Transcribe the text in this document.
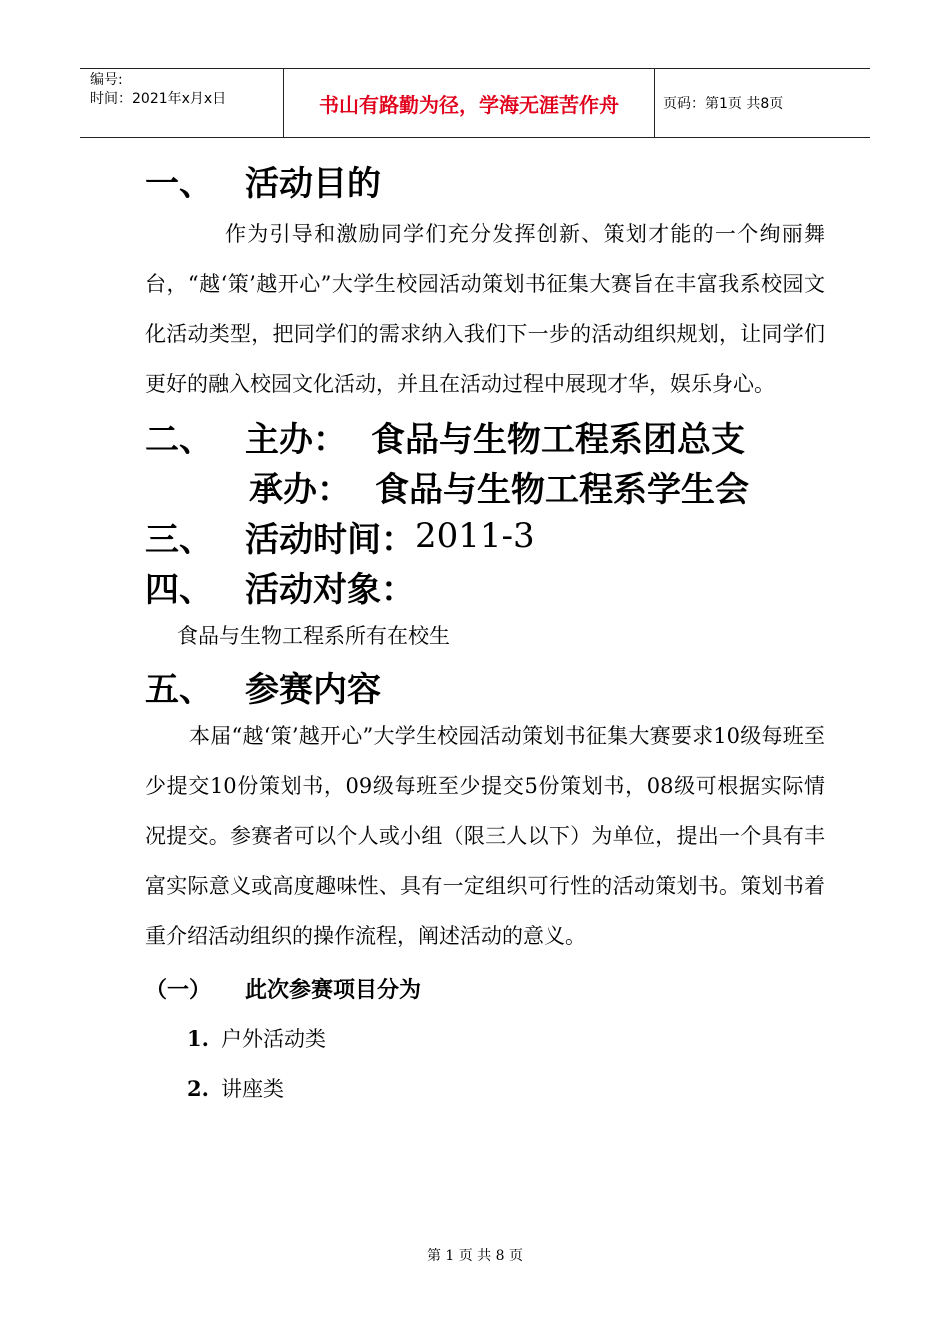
编号:
时间：2021年x月x日	书山有路勤为径，学海无涯苦作舟	页码：第1页 共8页
一、 活动目的
作为引导和激励同学们充分发挥创新、策划才能的一个绚丽舞台，“越‘策’越开心”大学生校园活动策划书征集大赛旨在丰富我系校园文化活动类型，把同学们的需求纳入我们下一步的活动组织规划，让同学们更好的融入校园文化活动，并且在活动过程中展现才华，娱乐身心。
二、 主办： 食品与生物工程系团总支
承办： 食品与生物工程系学生会
三、 活动时间： 2011-3
四、 活动对象：
食品与生物工程系所有在校生
五、 参赛内容
本届“越‘策’越开心”大学生校园活动策划书征集大赛要求10级每班至少提交10份策划书，09级每班至少提交5份策划书，08级可根据实际情况提交。参赛者可以个人或小组（限三人以下）为单位，提出一个具有丰富实际意义或高度趣味性、具有一定组织可行性的活动策划书。策划书着重介绍活动组织的操作流程，阐述活动的意义。
（一）	此次参赛项目分为
1. 户外活动类
2. 讲座类
第 1 页 共 8 页
